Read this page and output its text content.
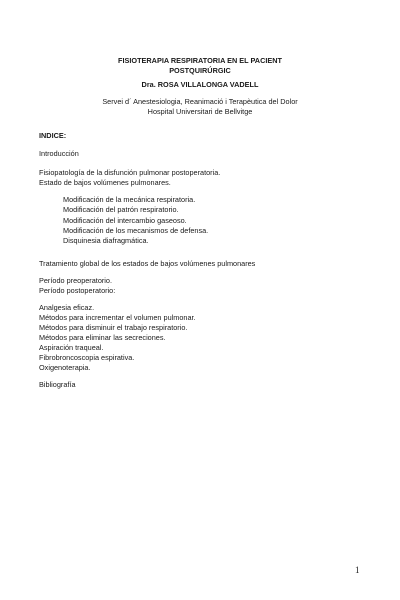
FISIOTERAPIA RESPIRATORIA EN EL PACIENT
POSTQUIRÚRGIC
Dra. ROSA VILLALONGA VADELL
Servei d´ Anestesiologia, Reanimació i Terapèutica del Dolor
Hospital Universitari de Bellvitge
INDICE:
Introducción
Fisiopatología de la disfunción pulmonar postoperatoria.
Estado de bajos volúmenes pulmonares.
Modificación de la mecánica respiratoria.
Modificación del patrón respiratorio.
Modificación del intercambio gaseoso.
Modificación de los mecanismos de defensa.
Disquinesia diafragmática.
Tratamiento global de los estados de bajos volúmenes pulmonares
Período preoperatorio.
Período postoperatorio:
Analgesia eficaz.
Métodos para incrementar el volumen pulmonar.
Métodos para disminuir el trabajo respiratorio.
Métodos para eliminar las secreciones.
Aspiración traqueal.
Fibrobroncoscopia espirativa.
Oxigenoterapia.
Bibliografía
1
